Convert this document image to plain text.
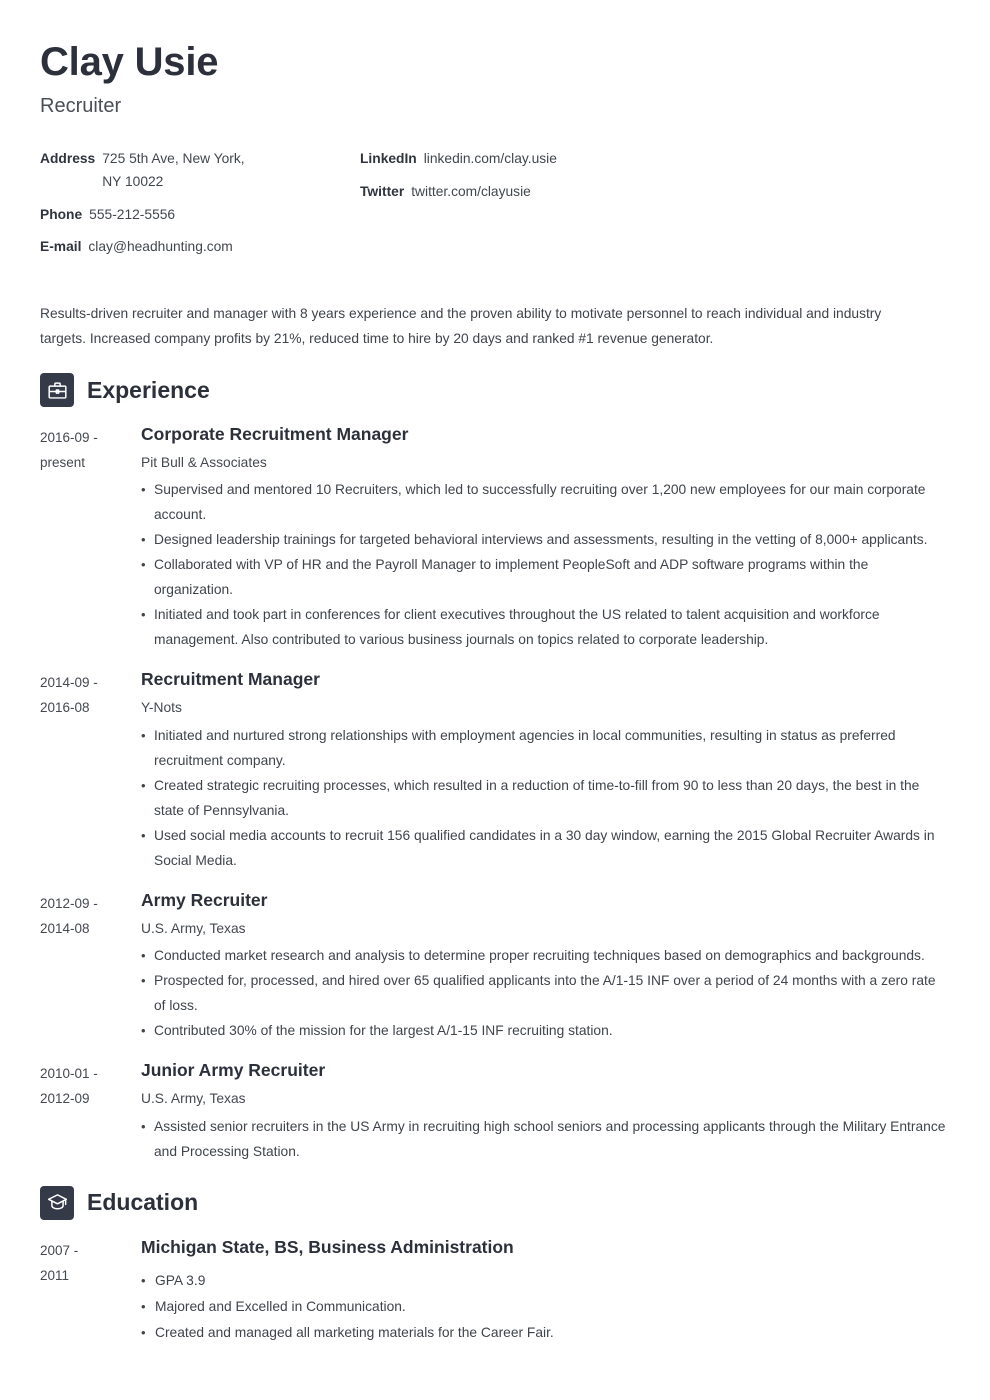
Clay Usie
Recruiter
Address 725 5th Ave, New York,
NY 10022
Phone 555-212-5556
E-mail clay@headhunting.com
LinkedIn linkedin.com/clay.usie
Twitter twitter.com/clayusie

Results-driven recruiter and manager with 8 years experience and the proven ability to motivate personnel to reach individual and industry targets. Increased company profits by 21%, reduced time to hire by 20 days and ranked #1 revenue generator.

Experience
2016-09 -
present
Corporate Recruitment Manager
Pit Bull & Associates
• Supervised and mentored 10 Recruiters, which led to successfully recruiting over 1,200 new employees for our main corporate account.
• Designed leadership trainings for targeted behavioral interviews and assessments, resulting in the vetting of 8,000+ applicants.
• Collaborated with VP of HR and the Payroll Manager to implement PeopleSoft and ADP software programs within the organization.
• Initiated and took part in conferences for client executives throughout the US related to talent acquisition and workforce management. Also contributed to various business journals on topics related to corporate leadership.
2014-09 -
2016-08
Recruitment Manager
Y-Nots
• Initiated and nurtured strong relationships with employment agencies in local communities, resulting in status as preferred recruitment company.
• Created strategic recruiting processes, which resulted in a reduction of time-to-fill from 90 to less than 20 days, the best in the state of Pennsylvania.
• Used social media accounts to recruit 156 qualified candidates in a 30 day window, earning the 2015 Global Recruiter Awards in Social Media.
2012-09 -
2014-08
Army Recruiter
U.S. Army, Texas
• Conducted market research and analysis to determine proper recruiting techniques based on demographics and backgrounds.
• Prospected for, processed, and hired over 65 qualified applicants into the A/1-15 INF over a period of 24 months with a zero rate of loss.
• Contributed 30% of the mission for the largest A/1-15 INF recruiting station.
2010-01 -
2012-09
Junior Army Recruiter
U.S. Army, Texas
• Assisted senior recruiters in the US Army in recruiting high school seniors and processing applicants through the Military Entrance and Processing Station.
Education
2007 -
2011
Michigan State, BS, Business Administration
• GPA 3.9
• Majored and Excelled in Communication.
• Created and managed all marketing materials for the Career Fair.
